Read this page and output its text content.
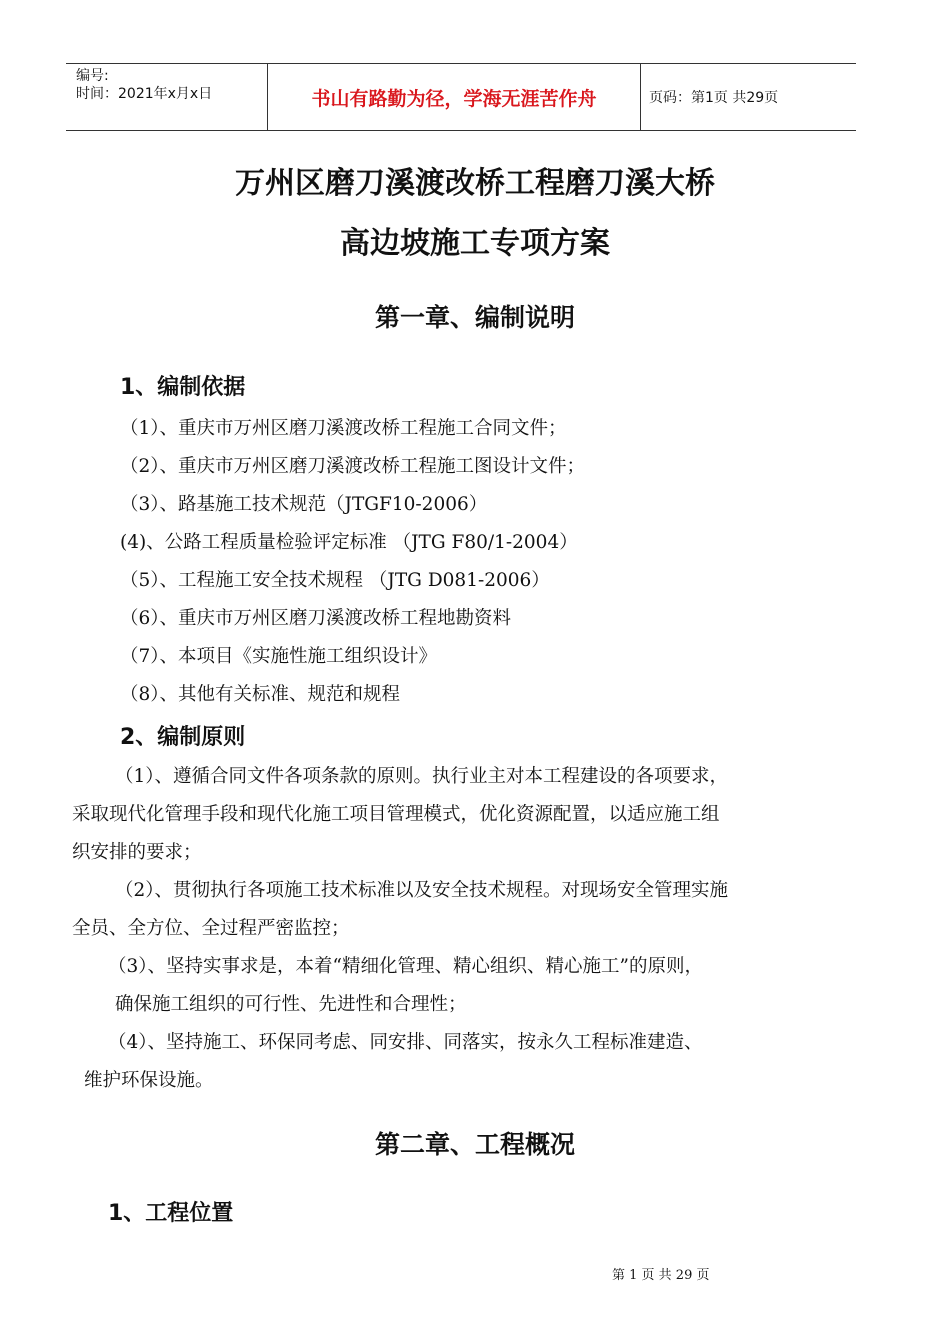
编号:
时间：2021年x月x日	书山有路勤为径，学海无涯苦作舟	页码：第1页 共29页
万州区磨刀溪渡改桥工程磨刀溪大桥
高边坡施工专项方案
第一章、编制说明
1、编制依据
（1）、重庆市万州区磨刀溪渡改桥工程施工合同文件；
（2）、重庆市万州区磨刀溪渡改桥工程施工图设计文件；
（3）、路基施工技术规范（JTGF10-2006）
(4)、公路工程质量检验评定标准 （JTG F80/1-2004）
（5）、工程施工安全技术规程 （JTG D081-2006）
（6）、重庆市万州区磨刀溪渡改桥工程地勘资料
（7）、本项目《实施性施工组织设计》
（8）、其他有关标准、规范和规程
2、编制原则
（1）、遵循合同文件各项条款的原则。执行业主对本工程建设的各项要求，
采取现代化管理手段和现代化施工项目管理模式，优化资源配置，以适应施工组
织安排的要求；
（2）、贯彻执行各项施工技术标准以及安全技术规程。对现场安全管理实施
全员、全方位、全过程严密监控；
（3）、坚持实事求是，本着“精细化管理、精心组织、精心施工”的原则，
确保施工组织的可行性、先进性和合理性；
（4）、坚持施工、环保同考虑、同安排、同落实，按永久工程标准建造、
维护环保设施。
第二章、工程概况
1、工程位置
第 1 页 共 29 页
